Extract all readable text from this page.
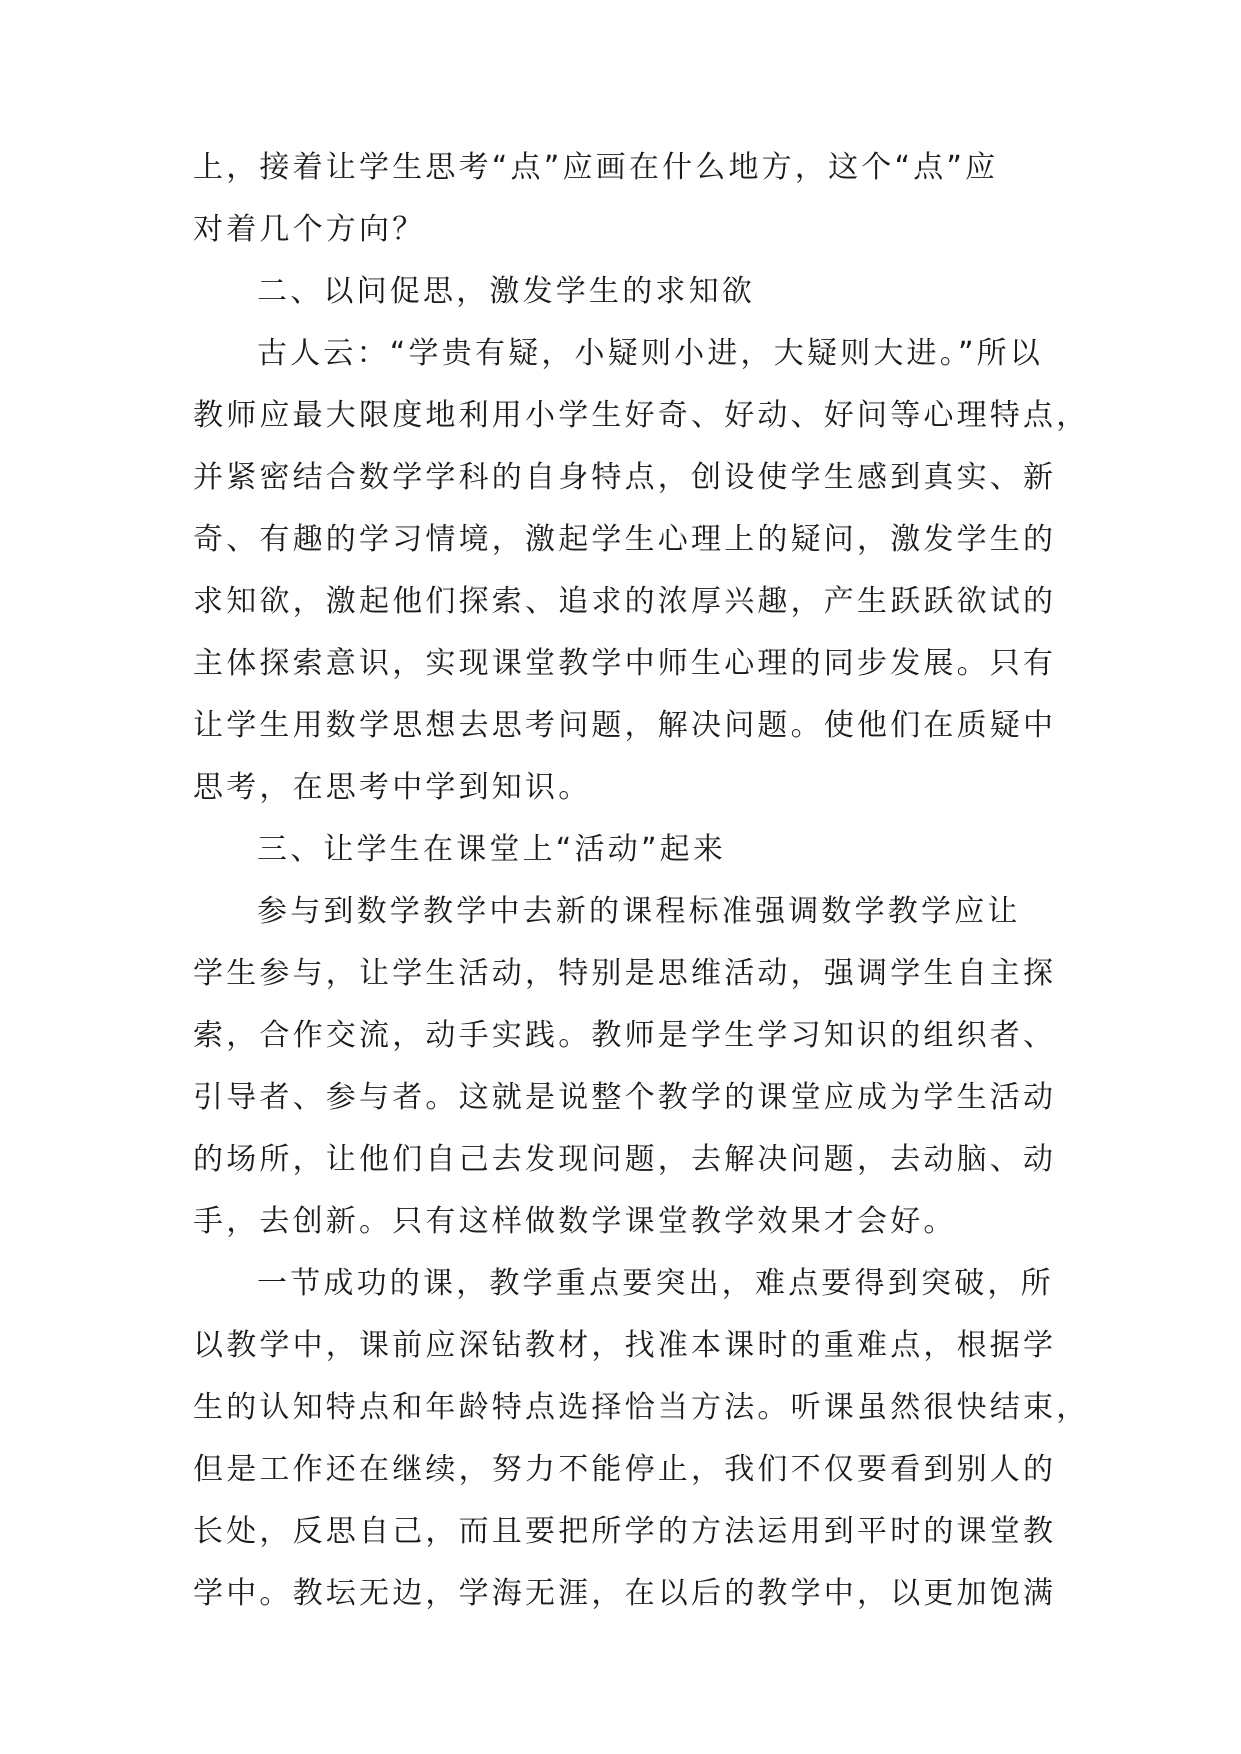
上，接着让学生思考“点”应画在什么地方，这个“点”应
对着几个方向？
二、以问促思，激发学生的求知欲
古人云：“学贵有疑，小疑则小进，大疑则大进。”所以
教师应最大限度地利用小学生好奇、好动、好问等心理特点，
并紧密结合数学学科的自身特点，创设使学生感到真实、新
奇、有趣的学习情境，激起学生心理上的疑问，激发学生的
求知欲，激起他们探索、追求的浓厚兴趣，产生跃跃欲试的
主体探索意识，实现课堂教学中师生心理的同步发展。只有
让学生用数学思想去思考问题，解决问题。使他们在质疑中
思考，在思考中学到知识。
三、让学生在课堂上“活动”起来
参与到数学教学中去新的课程标准强调数学教学应让
学生参与，让学生活动，特别是思维活动，强调学生自主探
索，合作交流，动手实践。教师是学生学习知识的组织者、
引导者、参与者。这就是说整个教学的课堂应成为学生活动
的场所，让他们自己去发现问题，去解决问题，去动脑、动
手，去创新。只有这样做数学课堂教学效果才会好。
一节成功的课，教学重点要突出，难点要得到突破，所
以教学中，课前应深钻教材，找准本课时的重难点，根据学
生的认知特点和年龄特点选择恰当方法。听课虽然很快结束，
但是工作还在继续，努力不能停止，我们不仅要看到别人的
长处，反思自己，而且要把所学的方法运用到平时的课堂教
学中。教坛无边，学海无涯，在以后的教学中，以更加饱满
